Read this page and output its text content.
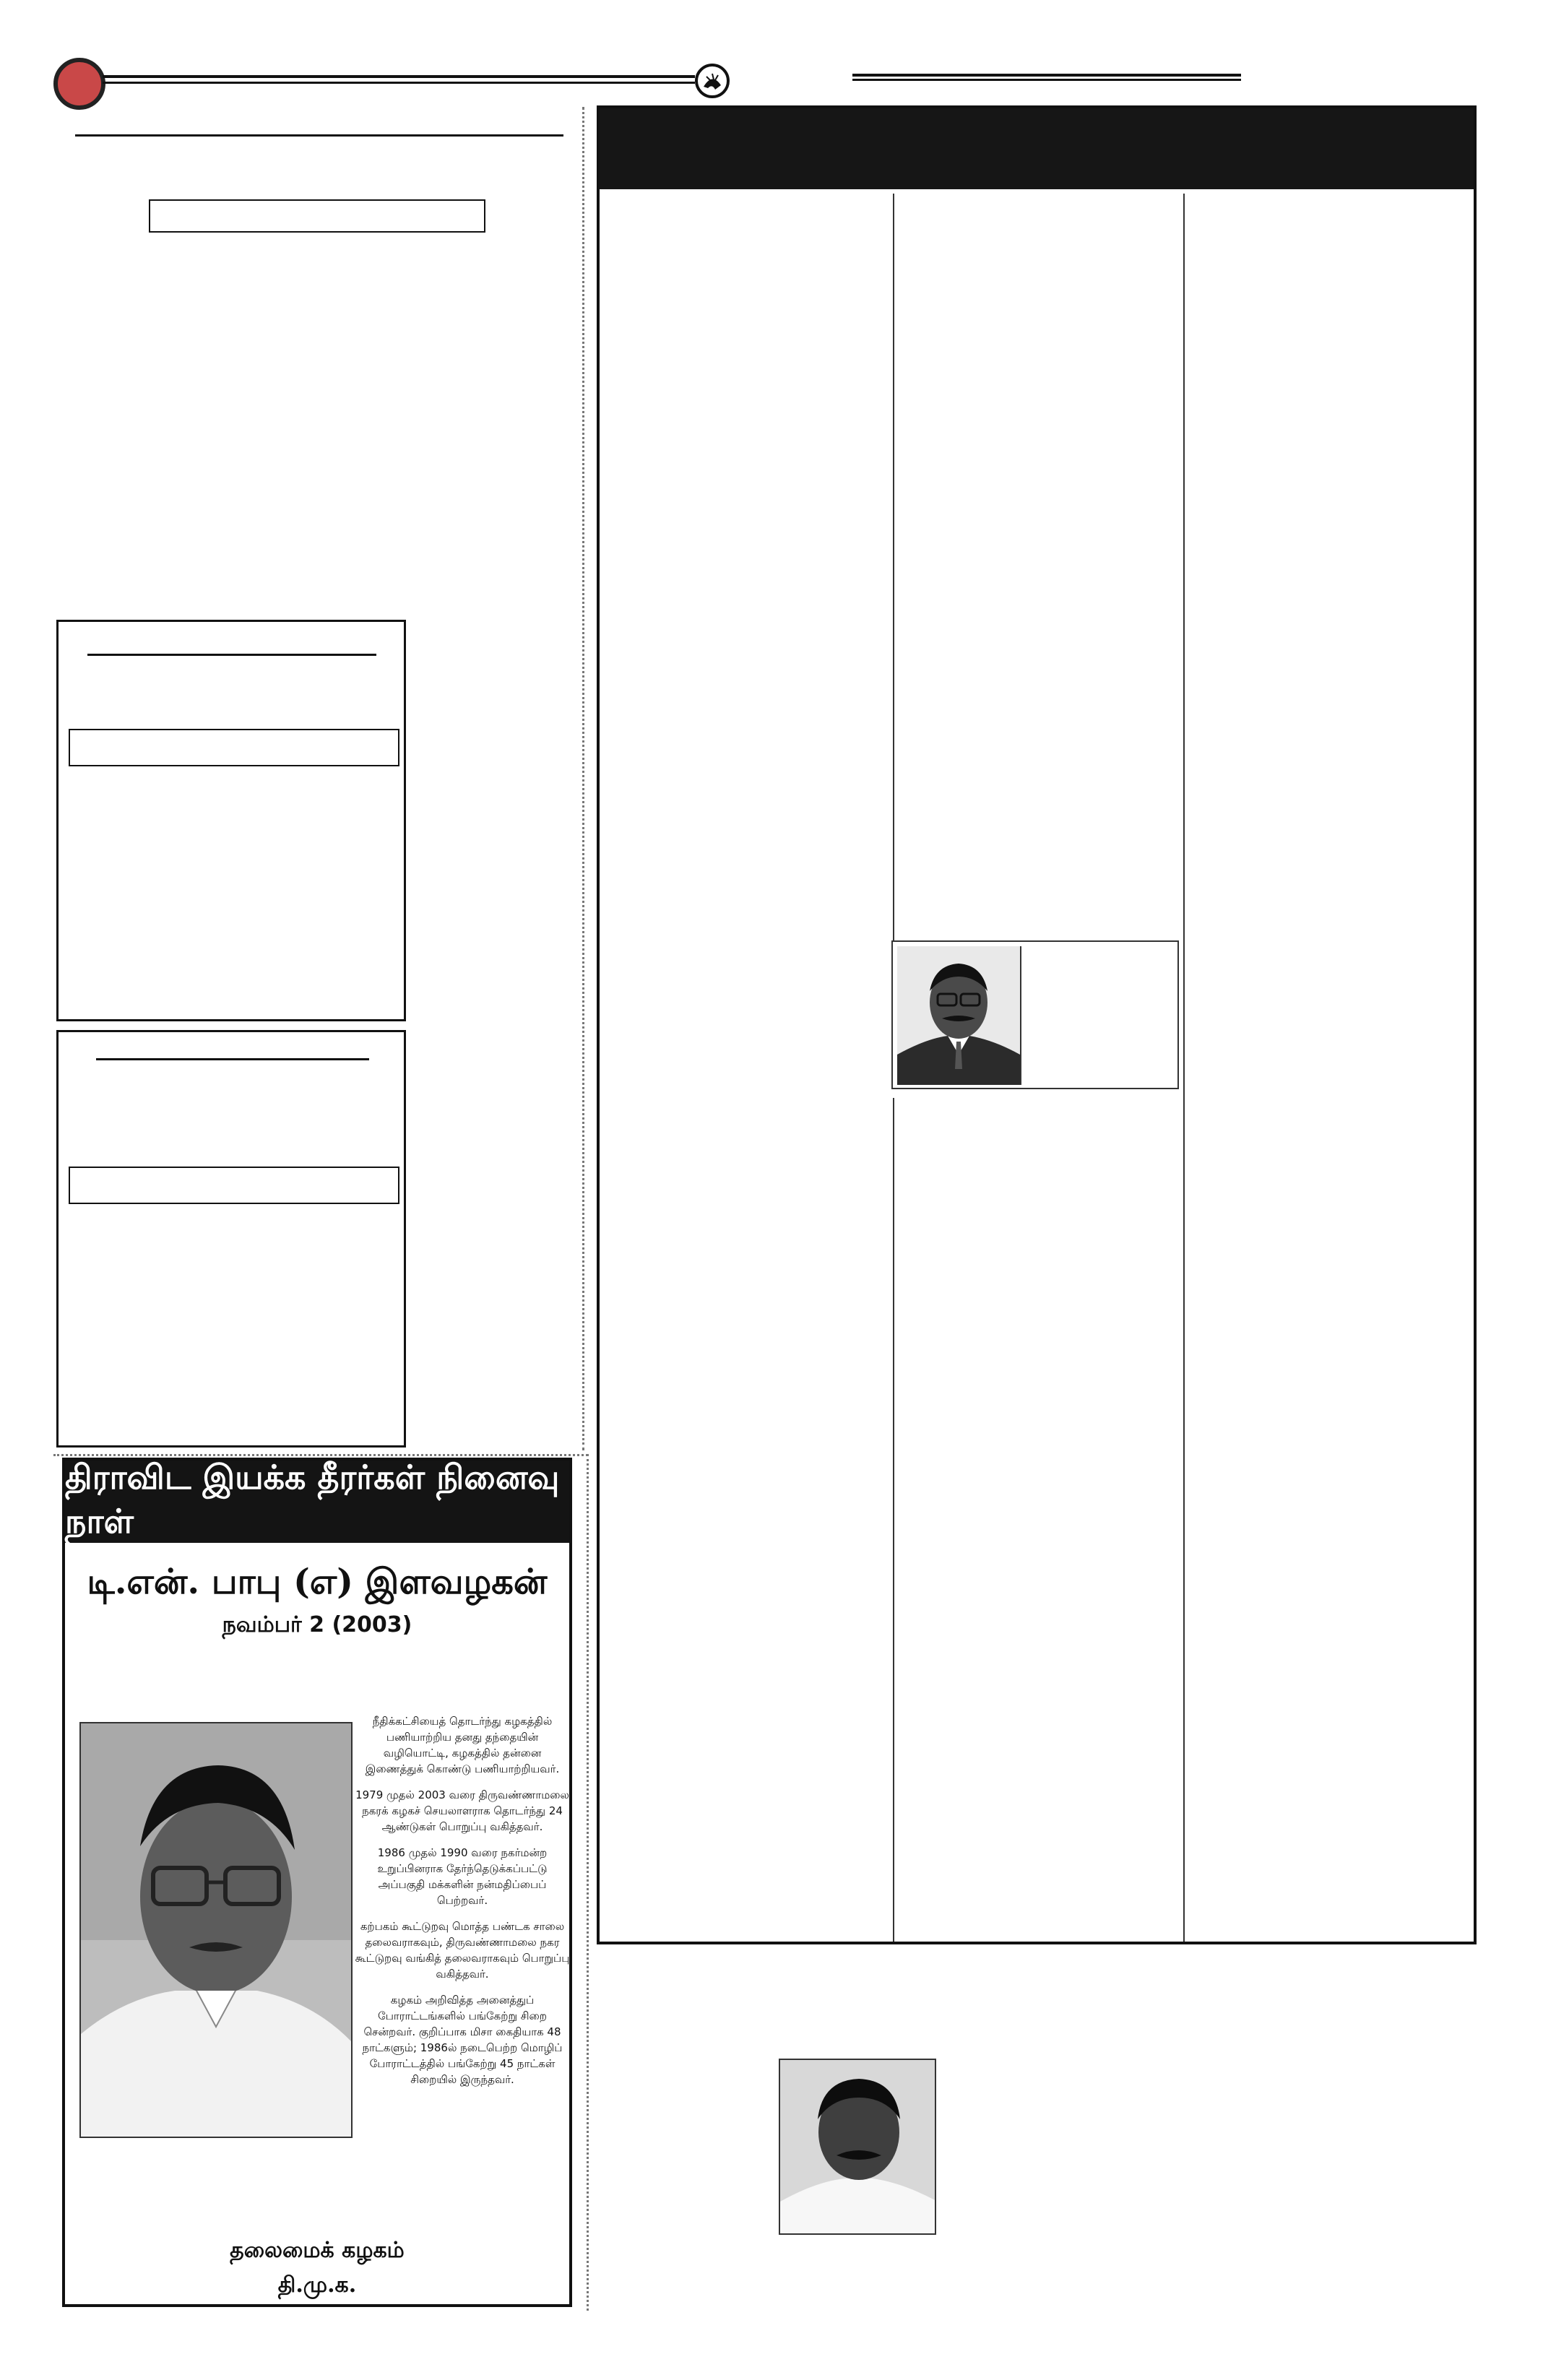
திராவிட இயக்க தீரர்கள் நினைவு நாள்
டி.என். பாபு (எ) இளவழகன்
நவம்பர் 2 (2003)

நீதிக்கட்சியைத் தொடர்ந்து கழகத்தில் பணியாற்றிய தனது தந்தையின் வழியொட்டி, கழகத்தில் தன்னை இணைத்துக் கொண்டு பணியாற்றியவர்.

1979 முதல் 2003 வரை திருவண்ணாமலை நகரக் கழகச் செயலாளராக தொடர்ந்து 24 ஆண்டுகள் பொறுப்பு வகித்தவர்.

1986 முதல் 1990 வரை நகர்மன்ற உறுப்பினராக தேர்ந்தெடுக்கப்பட்டு அப்பகுதி மக்களின் நன்மதிப்பைப் பெற்றவர்.

கற்பகம் கூட்டுறவு மொத்த பண்டக சாலை தலைவராகவும், திருவண்ணாமலை நகர கூட்டுறவு வங்கித் தலைவராகவும் பொறுப்பு வகித்தவர்.

கழகம் அறிவித்த அனைத்துப் போராட்டங்களில் பங்கேற்று சிறை சென்றவர். குறிப்பாக மிசா கைதியாக 48 நாட்களும்; 1986ல் நடைபெற்ற மொழிப் போராட்டத்தில் பங்கேற்று 45 நாட்கள் சிறையில் இருந்தவர்.

தலைமைக் கழகம்
தி.மு.க.
